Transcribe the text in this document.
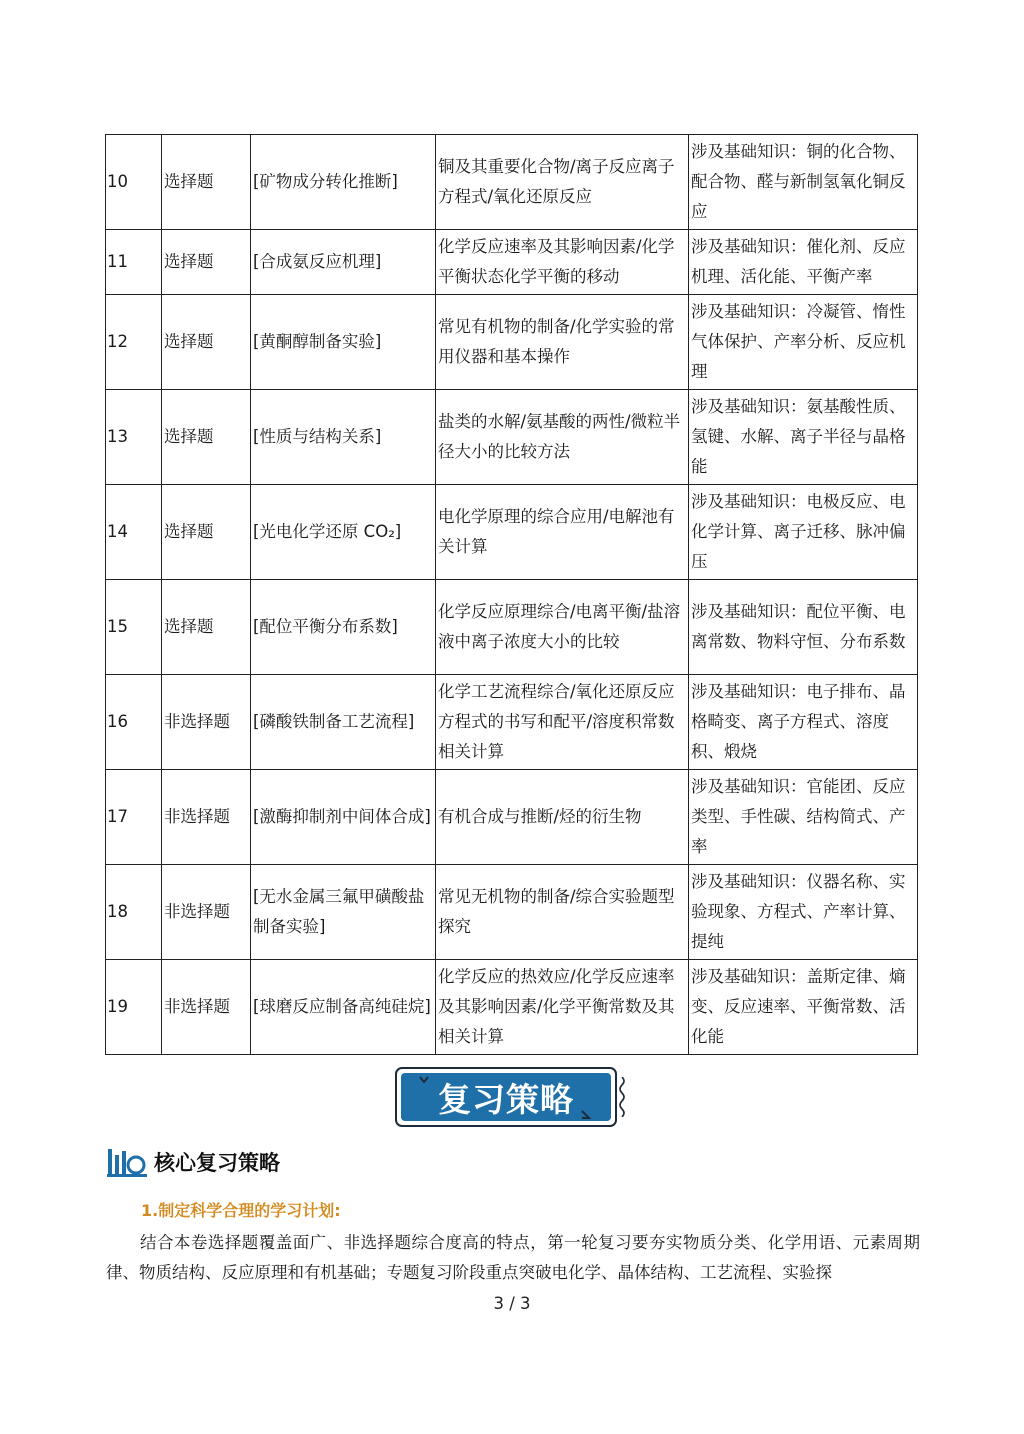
10	选择题	[矿物成分转化推断]	铜及其重要化合物/离子反应离子方程式/氧化还原反应	涉及基础知识：铜的化合物、配合物、醛与新制氢氧化铜反应
11	选择题	[合成氨反应机理]	化学反应速率及其影响因素/化学平衡状态化学平衡的移动	涉及基础知识：催化剂、反应机理、活化能、平衡产率
12	选择题	[黄酮醇制备实验]	常见有机物的制备/化学实验的常用仪器和基本操作	涉及基础知识：冷凝管、惰性气体保护、产率分析、反应机理
13	选择题	[性质与结构关系]	盐类的水解/氨基酸的两性/微粒半径大小的比较方法	涉及基础知识：氨基酸性质、氢键、水解、离子半径与晶格能
14	选择题	[光电化学还原 CO₂]	电化学原理的综合应用/电解池有关计算	涉及基础知识：电极反应、电化学计算、离子迁移、脉冲偏压
15	选择题	[配位平衡分布系数]	化学反应原理综合/电离平衡/盐溶液中离子浓度大小的比较	涉及基础知识：配位平衡、电离常数、物料守恒、分布系数
16	非选择题	[磷酸铁制备工艺流程]	化学工艺流程综合/氧化还原反应方程式的书写和配平/溶度积常数相关计算	涉及基础知识：电子排布、晶格畸变、离子方程式、溶度积、煅烧
17	非选择题	[激酶抑制剂中间体合成]	有机合成与推断/烃的衍生物	涉及基础知识：官能团、反应类型、手性碳、结构简式、产率
18	非选择题	[无水金属三氟甲磺酸盐制备实验]	常见无机物的制备/综合实验题型探究	涉及基础知识：仪器名称、实验现象、方程式、产率计算、提纯
19	非选择题	[球磨反应制备高纯硅烷]	化学反应的热效应/化学反应速率及其影响因素/化学平衡常数及其相关计算	涉及基础知识：盖斯定律、熵变、反应速率、平衡常数、活化能
复习策略
核心复习策略
1.制定科学合理的学习计划:
结合本卷选择题覆盖面广、非选择题综合度高的特点，第一轮复习要夯实物质分类、化学用语、元素周期律、物质结构、反应原理和有机基础；专题复习阶段重点突破电化学、晶体结构、工艺流程、实验探
3 / 3
